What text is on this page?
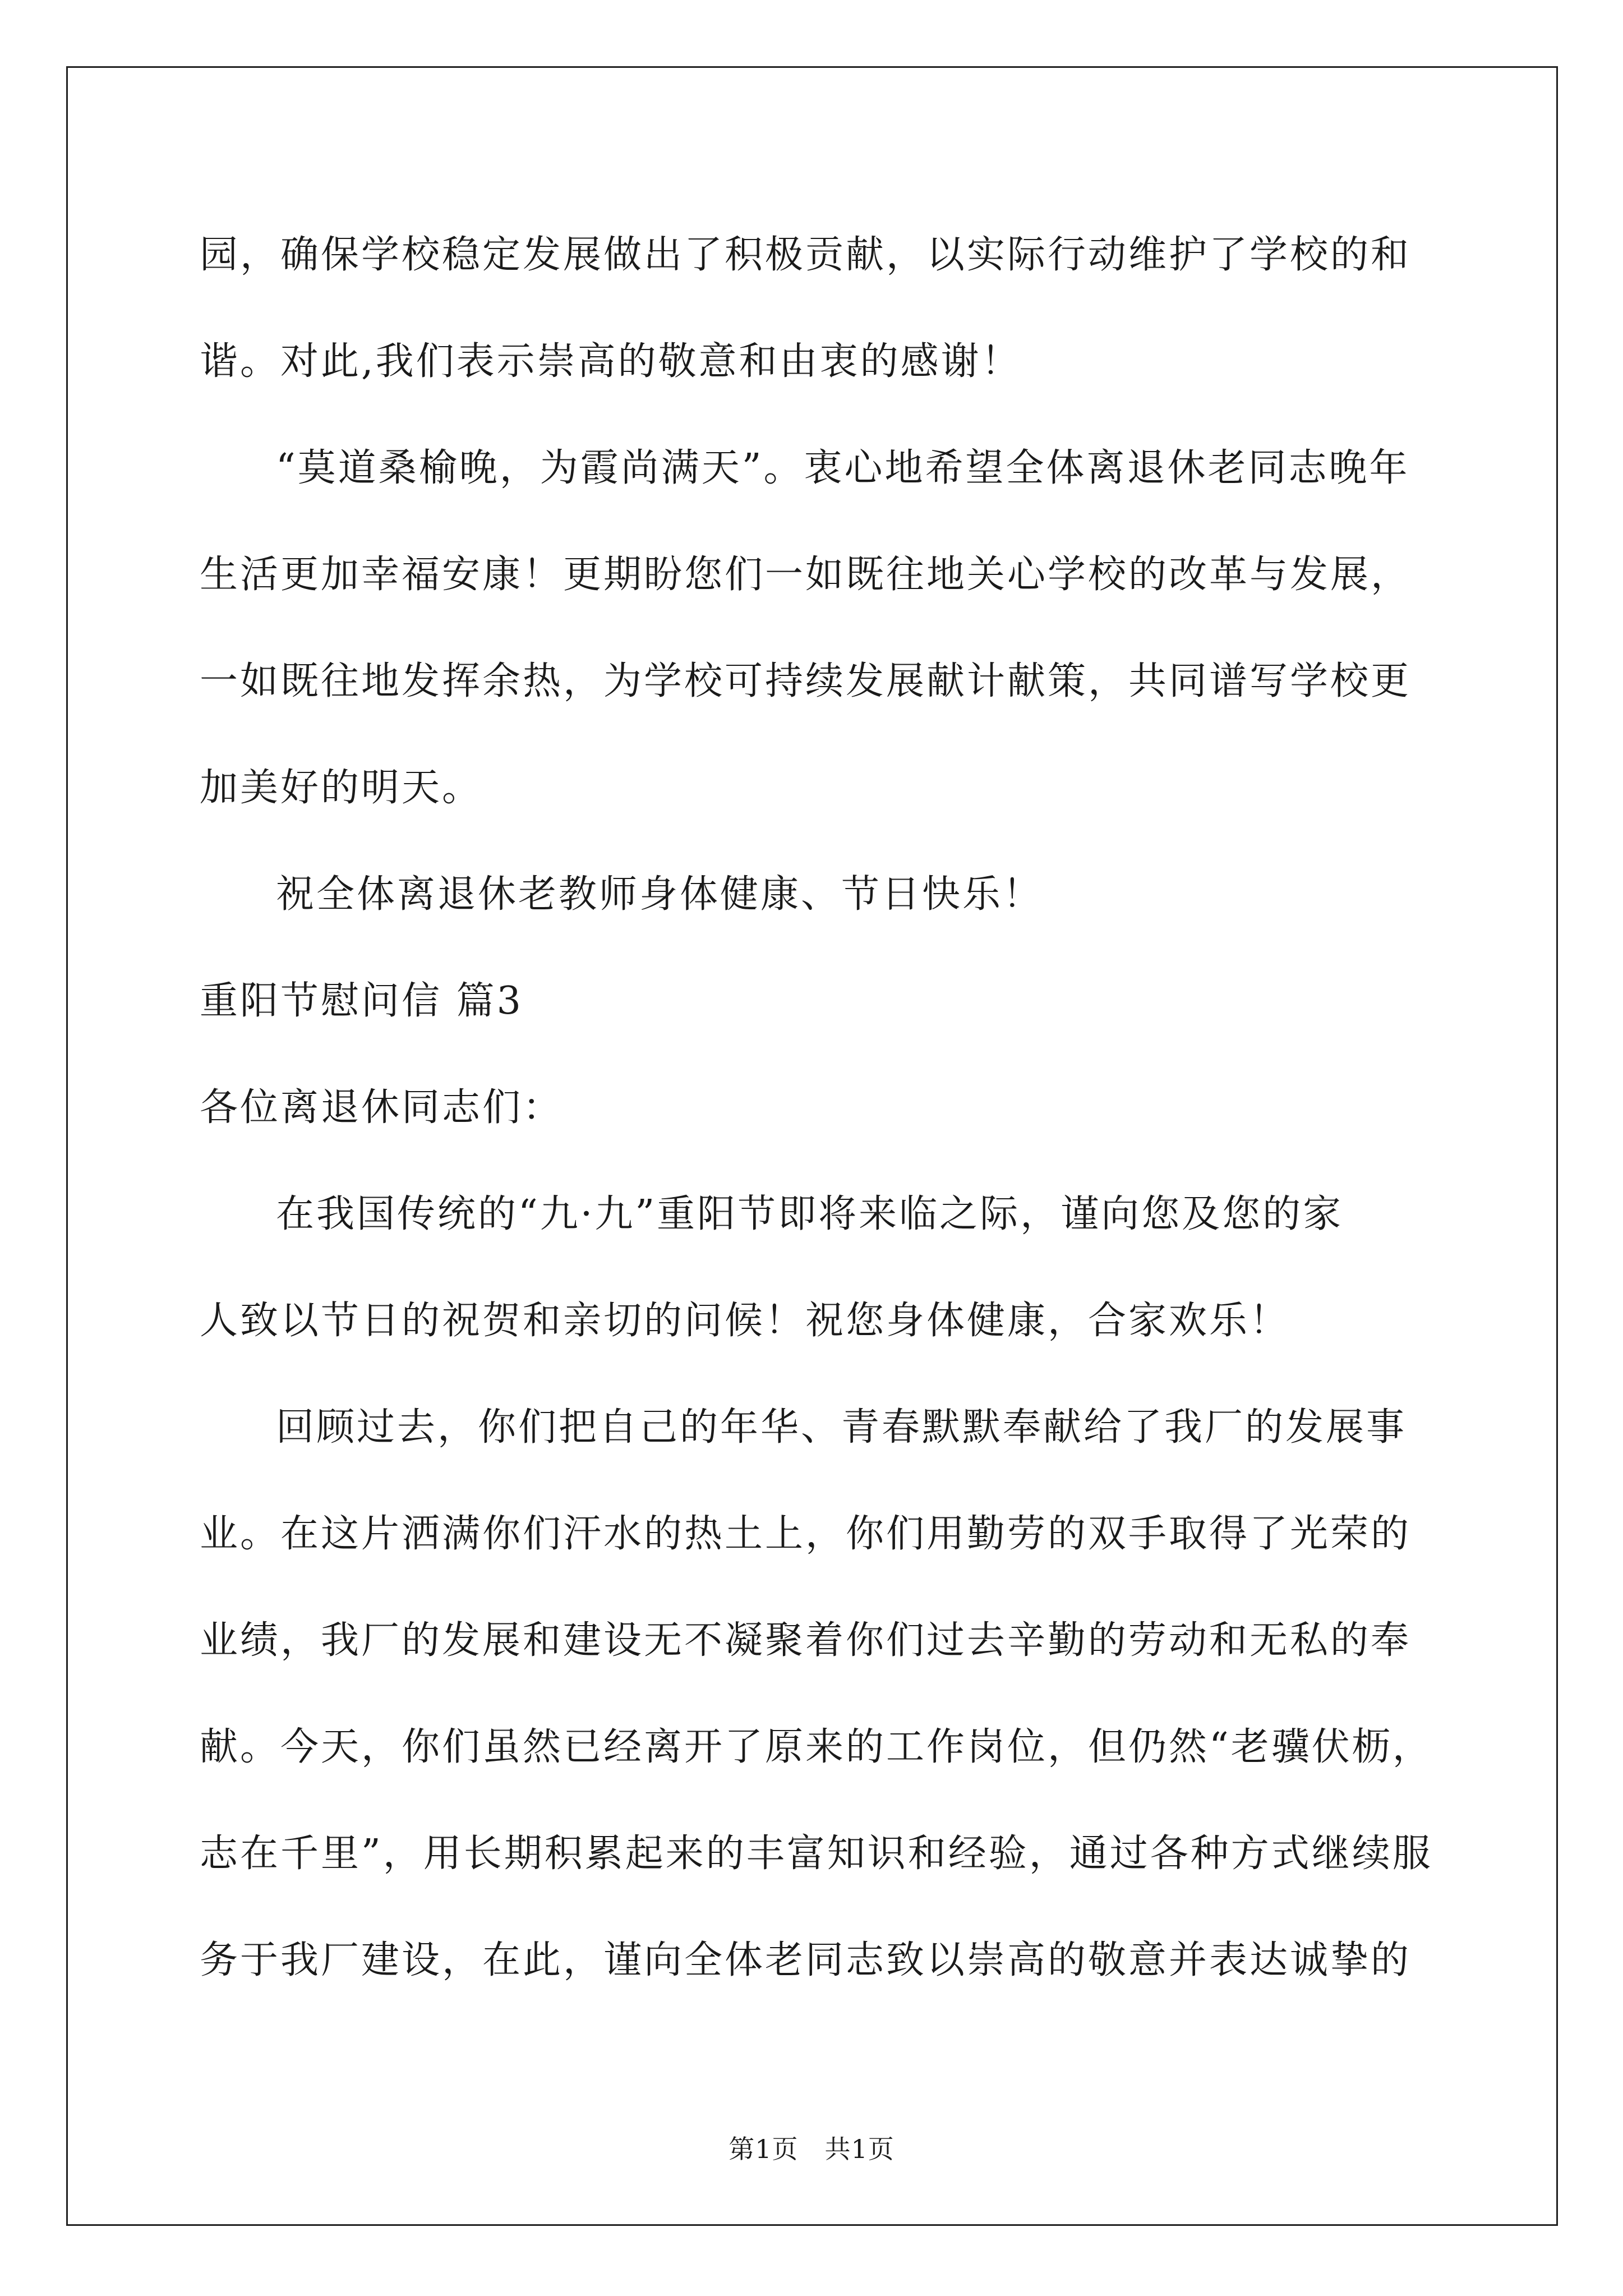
园，确保学校稳定发展做出了积极贡献，以实际行动维护了学校的和
谐。对此,我们表示崇高的敬意和由衷的感谢！
“莫道桑榆晚，为霞尚满天”。衷心地希望全体离退休老同志晚年
生活更加幸福安康！更期盼您们一如既往地关心学校的改革与发展，
一如既往地发挥余热，为学校可持续发展献计献策，共同谱写学校更
加美好的明天。
祝全体离退休老教师身体健康、节日快乐！
重阳节慰问信 篇3
各位离退休同志们：
在我国传统的“九·九”重阳节即将来临之际，谨向您及您的家
人致以节日的祝贺和亲切的问候！祝您身体健康，合家欢乐！
回顾过去，你们把自己的年华、青春默默奉献给了我厂的发展事
业。在这片洒满你们汗水的热土上，你们用勤劳的双手取得了光荣的
业绩，我厂的发展和建设无不凝聚着你们过去辛勤的劳动和无私的奉
献。今天，你们虽然已经离开了原来的工作岗位，但仍然“老骥伏枥，
志在千里”，用长期积累起来的丰富知识和经验，通过各种方式继续服
务于我厂建设，在此，谨向全体老同志致以崇高的敬意并表达诚挚的
第1页　共1页
